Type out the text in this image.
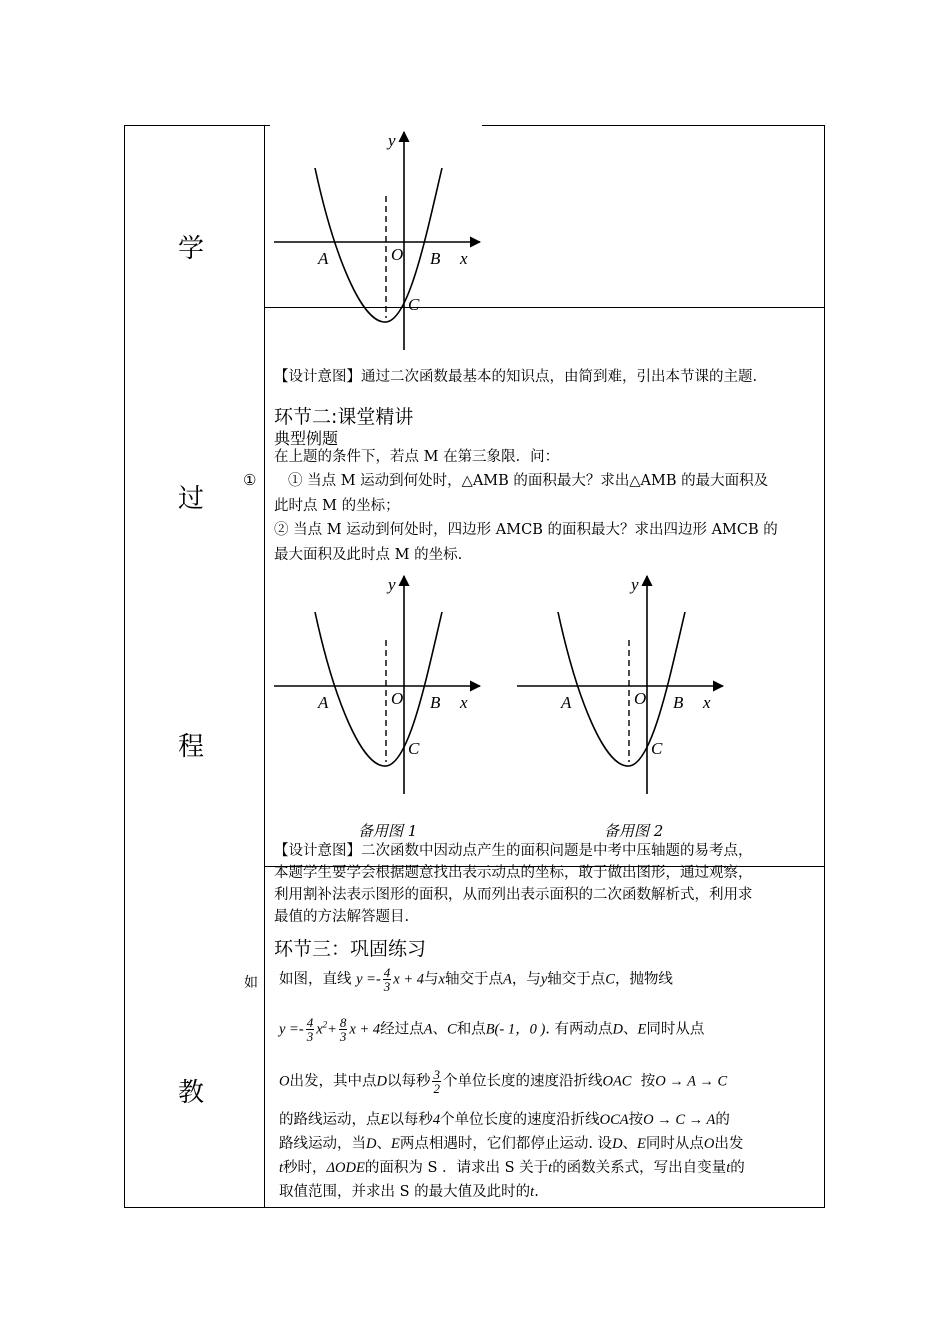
学
过
程
教
①
如
y
x
A	O B
C
【设计意图】通过二次函数最基本的知识点，由简到难，引出本节课的主题.
环节二:课堂精讲
典型例题
在上题的条件下，若点 M 在第三象限．问：
① 当点 M 运动到何处时，△AMB 的面积最大？求出△AMB 的最大面积及
此时点 M 的坐标；
② 当点 M 运动到何处时，四边形 AMCB 的面积最大？求出四边形 AMCB 的
最大面积及此时点 M 的坐标.
y
x
A	O B
C
y
x
A	O B
C
备用图 1	备用图 2
【设计意图】二次函数中因动点产生的面积问题是中考中压轴题的易考点，
本题学生要学会根据题意找出表示动点的坐标，敢于做出图形，通过观察，
利用割补法表示图形的面积，从而列出表示面积的二次函数解析式，利用求
最值的方法解答题目.
环节三：巩固练习
如图，直线 $y =- \frac{4}{3}$ x + 4与x轴交于点A，与y轴交于点C，抛物线
$y =- \frac{4}{3} x^2+ \frac{8}{3}$ x + 4经过点A、C和点B(- 1，0 ). 有两动点D、E同时从点
O出发，其中点D以每秒 $\frac{3}{2}$ 个单位长度的速度沿折线OAC 按O → A → C
的路线运动，点E以每秒4个单位长度的速度沿折线OCA按O → C → A的
路线运动，当D、E两点相遇时，它们都停止运动. 设D、E同时从点O出发
t秒时，ΔODE的面积为 S ．请求出 S 关于t的函数关系式，写出自变量t的
取值范围，并求出 S 的最大值及此时的t.
